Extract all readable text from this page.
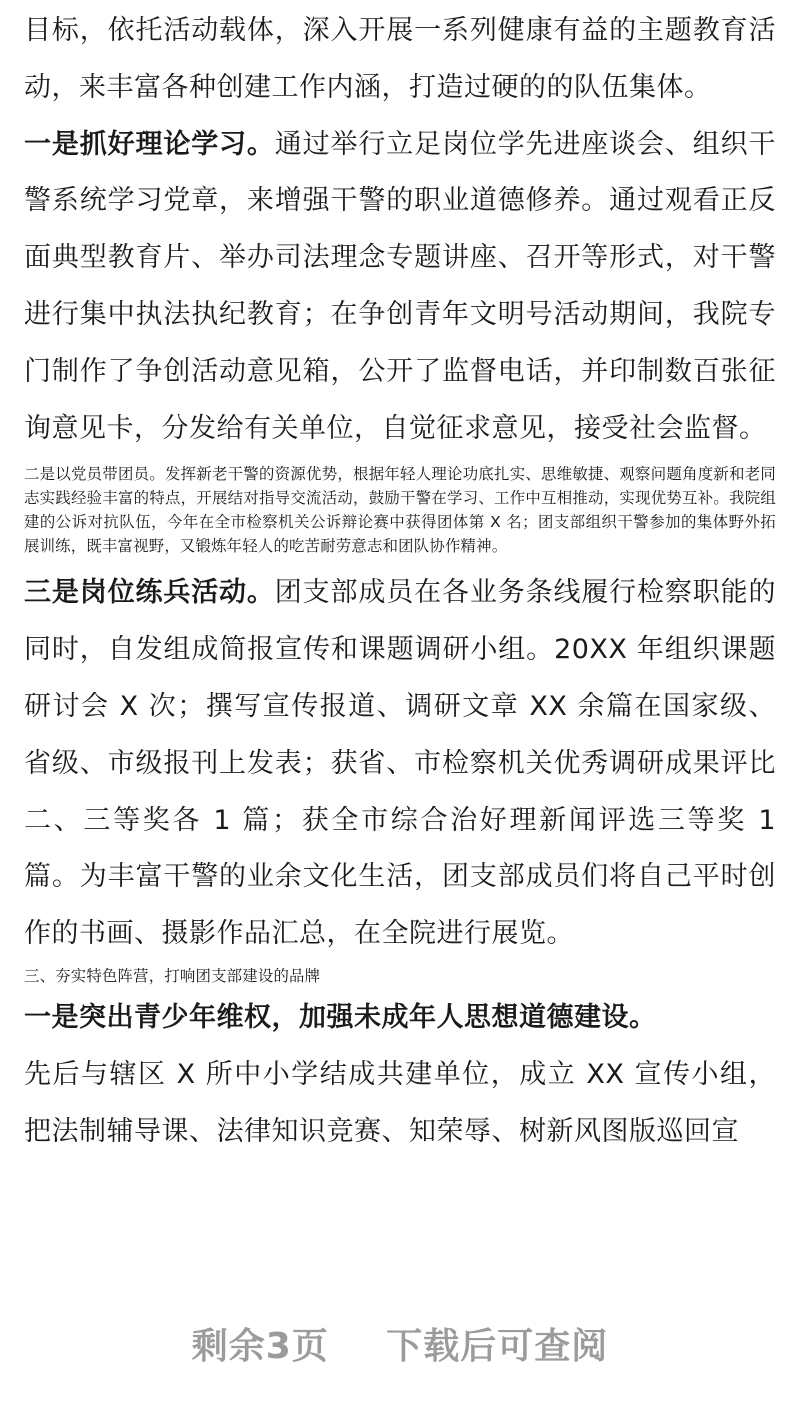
目标，依托活动载体，深入开展一系列健康有益的主题教育活动，来丰富各种创建工作内涵，打造过硬的的队伍集体。

一是抓好理论学习。通过举行立足岗位学先进座谈会、组织干警系统学习党章，来增强干警的职业道德修养。通过观看正反面典型教育片、举办司法理念专题讲座、召开等形式，对干警进行集中执法执纪教育；在争创青年文明号活动期间，我院专门制作了争创活动意见箱，公开了监督电话，并印制数百张征询意见卡，分发给有关单位，自觉征求意见，接受社会监督。

二是以党员带团员。发挥新老干警的资源优势，根据年轻人理论功底扎实、思维敏捷、观察问题角度新和老同志实践经验丰富的特点，开展结对指导交流活动，鼓励干警在学习、工作中互相推动，实现优势互补。我院组建的公诉对抗队伍，今年在全市检察机关公诉辩论赛中获得团体第 X 名；团支部组织干警参加的集体野外拓展训练，既丰富视野，又锻炼年轻人的吃苦耐劳意志和团队协作精神。

三是岗位练兵活动。团支部成员在各业务条线履行检察职能的同时，自发组成简报宣传和课题调研小组。20XX 年组织课题研讨会 X 次；撰写宣传报道、调研文章 XX 余篇在国家级、省级、市级报刊上发表；获省、市检察机关优秀调研成果评比二、三等奖各 1 篇；获全市综合治好理新闻评选三等奖 1 篇。为丰富干警的业余文化生活，团支部成员们将自己平时创作的书画、摄影作品汇总，在全院进行展览。

三、夯实特色阵营，打响团支部建设的品牌

一是突出青少年维权，加强未成年人思想道德建设。

先后与辖区 X 所中小学结成共建单位，成立 XX 宣传小组，把法制辅导课、法律知识竞赛、知荣辱、树新风图版巡回宣

剩余3页 下载后可查阅
